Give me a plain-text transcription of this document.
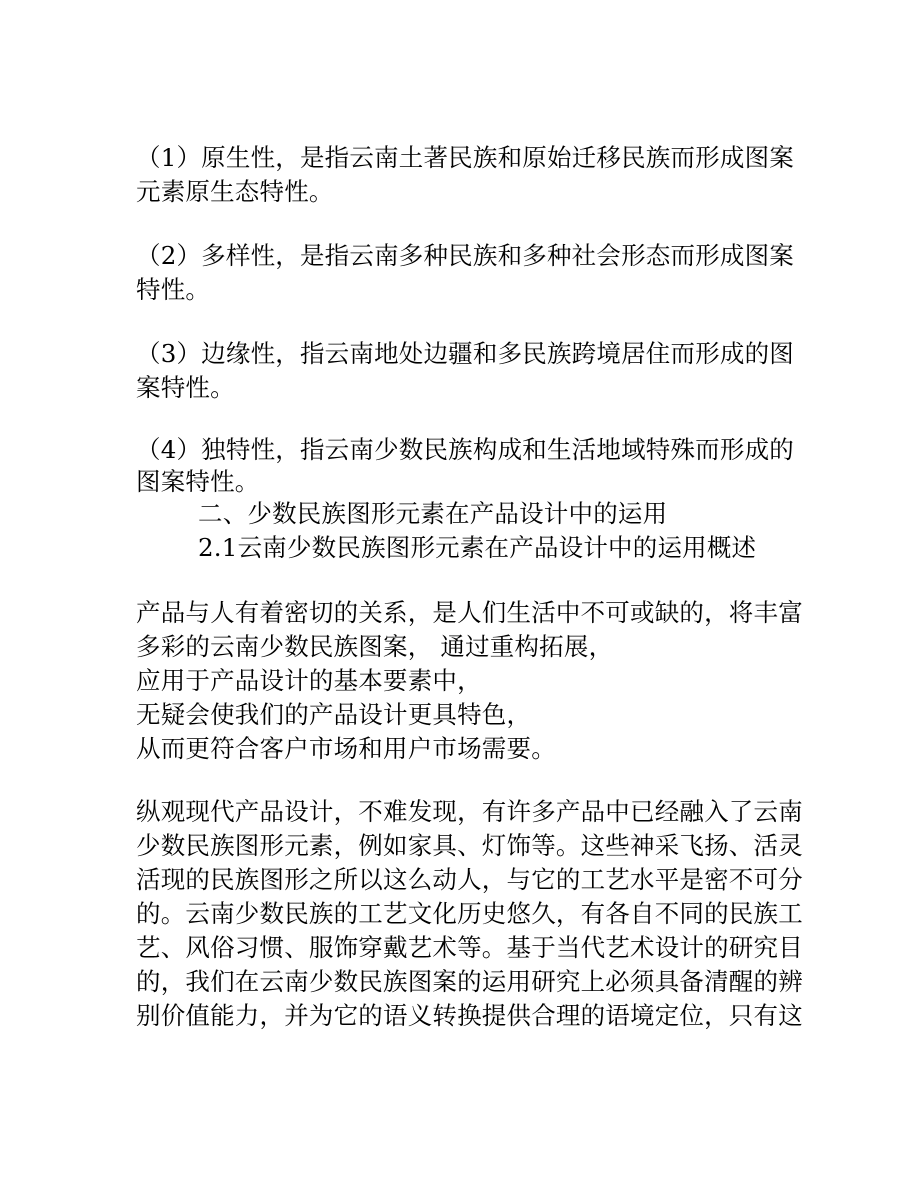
（1）原生性，是指云南土著民族和原始迁移民族而形成图案
元素原生态特性。
（2）多样性，是指云南多种民族和多种社会形态而形成图案
特性。
（3）边缘性，指云南地处边疆和多民族跨境居住而形成的图
案特性。
（4）独特性，指云南少数民族构成和生活地域特殊而形成的
图案特性。
二、少数民族图形元素在产品设计中的运用
2.1云南少数民族图形元素在产品设计中的运用概述
产品与人有着密切的关系，是人们生活中不可或缺的，将丰富
多彩的云南少数民族图案， 通过重构拓展，
应用于产品设计的基本要素中，
无疑会使我们的产品设计更具特色，
从而更符合客户市场和用户市场需要。
纵观现代产品设计，不难发现，有许多产品中已经融入了云南
少数民族图形元素，例如家具、灯饰等。这些神采飞扬、活灵
活现的民族图形之所以这么动人，与它的工艺水平是密不可分
的。云南少数民族的工艺文化历史悠久，有各自不同的民族工
艺、风俗习惯、服饰穿戴艺术等。基于当代艺术设计的研究目
的，我们在云南少数民族图案的运用研究上必须具备清醒的辨
别价值能力，并为它的语义转换提供合理的语境定位，只有这
